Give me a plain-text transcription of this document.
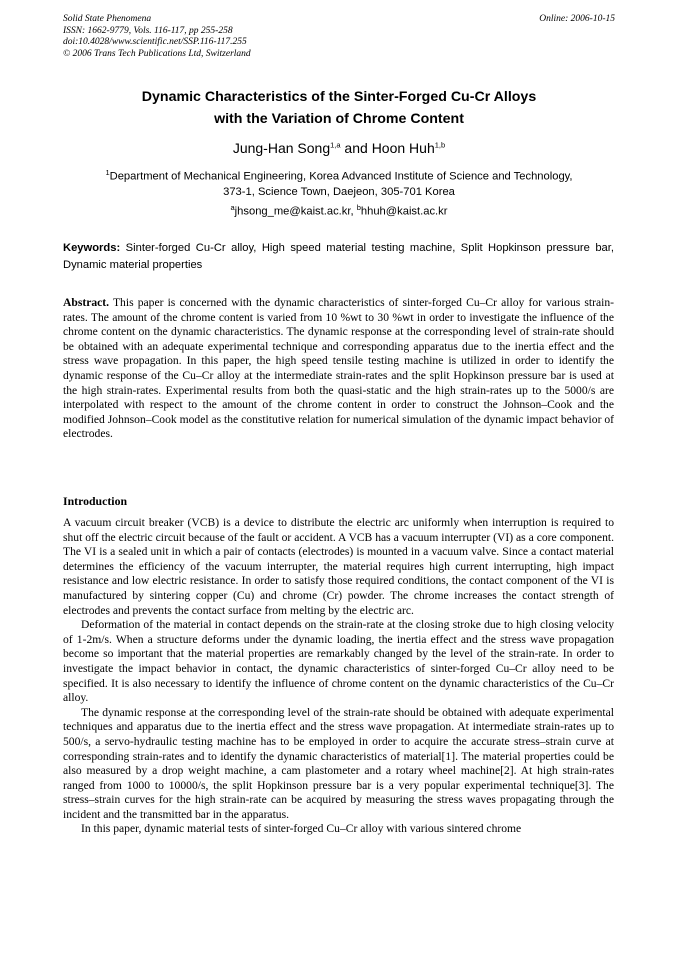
Solid State Phenomena
ISSN: 1662-9779, Vols. 116-117, pp 255-258
doi:10.4028/www.scientific.net/SSP.116-117.255
© 2006 Trans Tech Publications Ltd, Switzerland
Online: 2006-10-15
Dynamic Characteristics of the Sinter-Forged Cu-Cr Alloys
with the Variation of Chrome Content
Jung-Han Song$^{1,a}$ and Hoon Huh$^{1,b}$
$^1$Department of Mechanical Engineering, Korea Advanced Institute of Science and Technology,
373-1, Science Town, Daejeon, 305-701 Korea
$^a$jhsong_me@kaist.ac.kr, $^b$hhuh@kaist.ac.kr
Keywords: Sinter-forged Cu-Cr alloy, High speed material testing machine, Split Hopkinson pressure bar, Dynamic material properties
Abstract. This paper is concerned with the dynamic characteristics of sinter-forged Cu–Cr alloy for various strain-rates. The amount of the chrome content is varied from 10 %wt to 30 %wt in order to investigate the influence of the chrome content on the dynamic characteristics. The dynamic response at the corresponding level of strain-rate should be obtained with an adequate experimental technique and corresponding apparatus due to the inertia effect and the stress wave propagation. In this paper, the high speed tensile testing machine is utilized in order to identify the dynamic response of the Cu–Cr alloy at the intermediate strain-rates and the split Hopkinson pressure bar is used at the high strain-rates. Experimental results from both the quasi-static and the high strain-rates up to the 5000/s are interpolated with respect to the amount of the chrome content in order to construct the Johnson–Cook and the modified Johnson–Cook model as the constitutive relation for numerical simulation of the dynamic impact behavior of electrodes.
Introduction

A vacuum circuit breaker (VCB) is a device to distribute the electric arc uniformly when interruption is required to shut off the electric circuit because of the fault or accident. A VCB has a vacuum interrupter (VI) as a core component. The VI is a sealed unit in which a pair of contacts (electrodes) is mounted in a vacuum valve. Since a contact material determines the efficiency of the vacuum interrupter, the material requires high current interrupting, high impact resistance and low electric resistance. In order to satisfy those required conditions, the contact component of the VI is manufactured by sintering copper (Cu) and chrome (Cr) powder. The chrome increases the contact strength of electrodes and prevents the contact surface from melting by the electric arc.

Deformation of the material in contact depends on the strain-rate at the closing stroke due to high closing velocity of 1-2m/s. When a structure deforms under the dynamic loading, the inertia effect and the stress wave propagation become so important that the material properties are remarkably changed by the level of the strain-rate. In order to investigate the impact behavior in contact, the dynamic characteristics of sinter-forged Cu–Cr alloy need to be specified. It is also necessary to identify the influence of chrome content on the dynamic characteristics of the Cu–Cr alloy.

The dynamic response at the corresponding level of the strain-rate should be obtained with adequate experimental techniques and apparatus due to the inertia effect and the stress wave propagation. At intermediate strain-rates up to 500/s, a servo-hydraulic testing machine has to be employed in order to acquire the accurate stress–strain curve at corresponding strain-rates and to identify the dynamic characteristics of material[1]. The material properties could be also measured by a drop weight machine, a cam plastometer and a rotary wheel machine[2]. At high strain-rates ranged from 1000 to 10000/s, the split Hopkinson pressure bar is a very popular experimental technique[3]. The stress–strain curves for the high strain-rate can be acquired by measuring the stress waves propagating through the incident and the transmitted bar in the apparatus.

In this paper, dynamic material tests of sinter-forged Cu–Cr alloy with various sintered chrome
